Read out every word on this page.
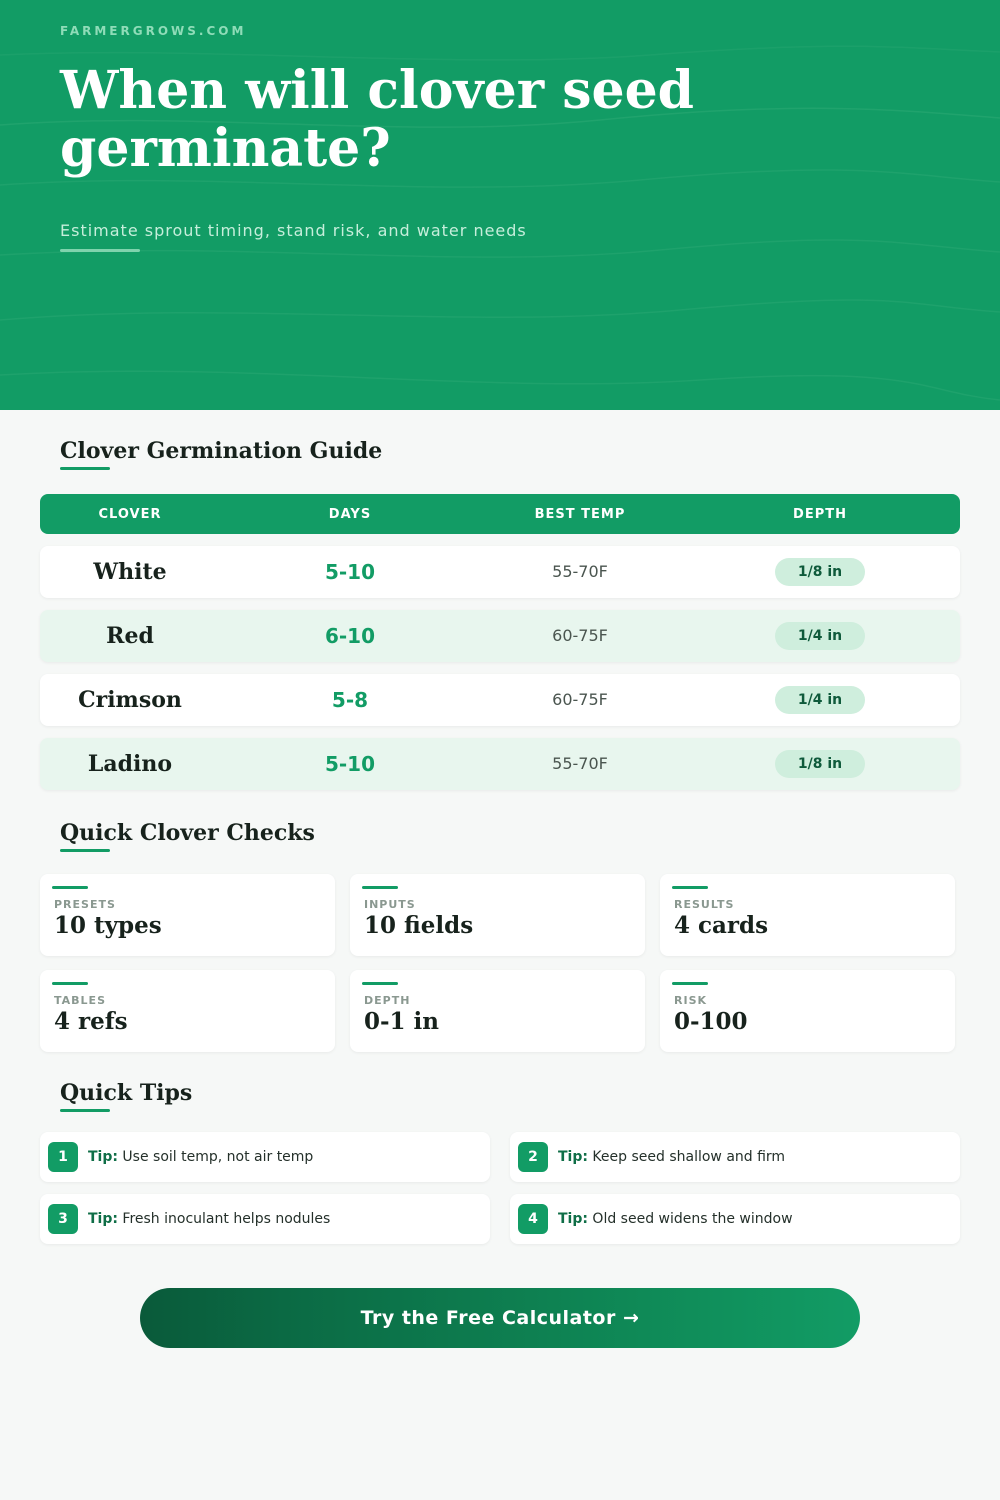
FARMERGROWS.COM
When will clover seed germinate?
Estimate sprout timing, stand risk, and water needs
Clover Germination Guide
CLOVER	DAYS	BEST TEMP	DEPTH
White	5-10	55-70F	1/8 in
Red	6-10	60-75F	1/4 in
Crimson	5-8	60-75F	1/4 in
Ladino	5-10	55-70F	1/8 in
Quick Clover Checks
PRESETS
10 types
INPUTS
10 fields
RESULTS
4 cards
TABLES
4 refs
DEPTH
0-1 in
RISK
0-100
Quick Tips
1	Tip: Use soil temp, not air temp	2	Tip: Keep seed shallow and firm
3	Tip: Fresh inoculant helps nodules	4	Tip: Old seed widens the window
Try the Free Calculator →
